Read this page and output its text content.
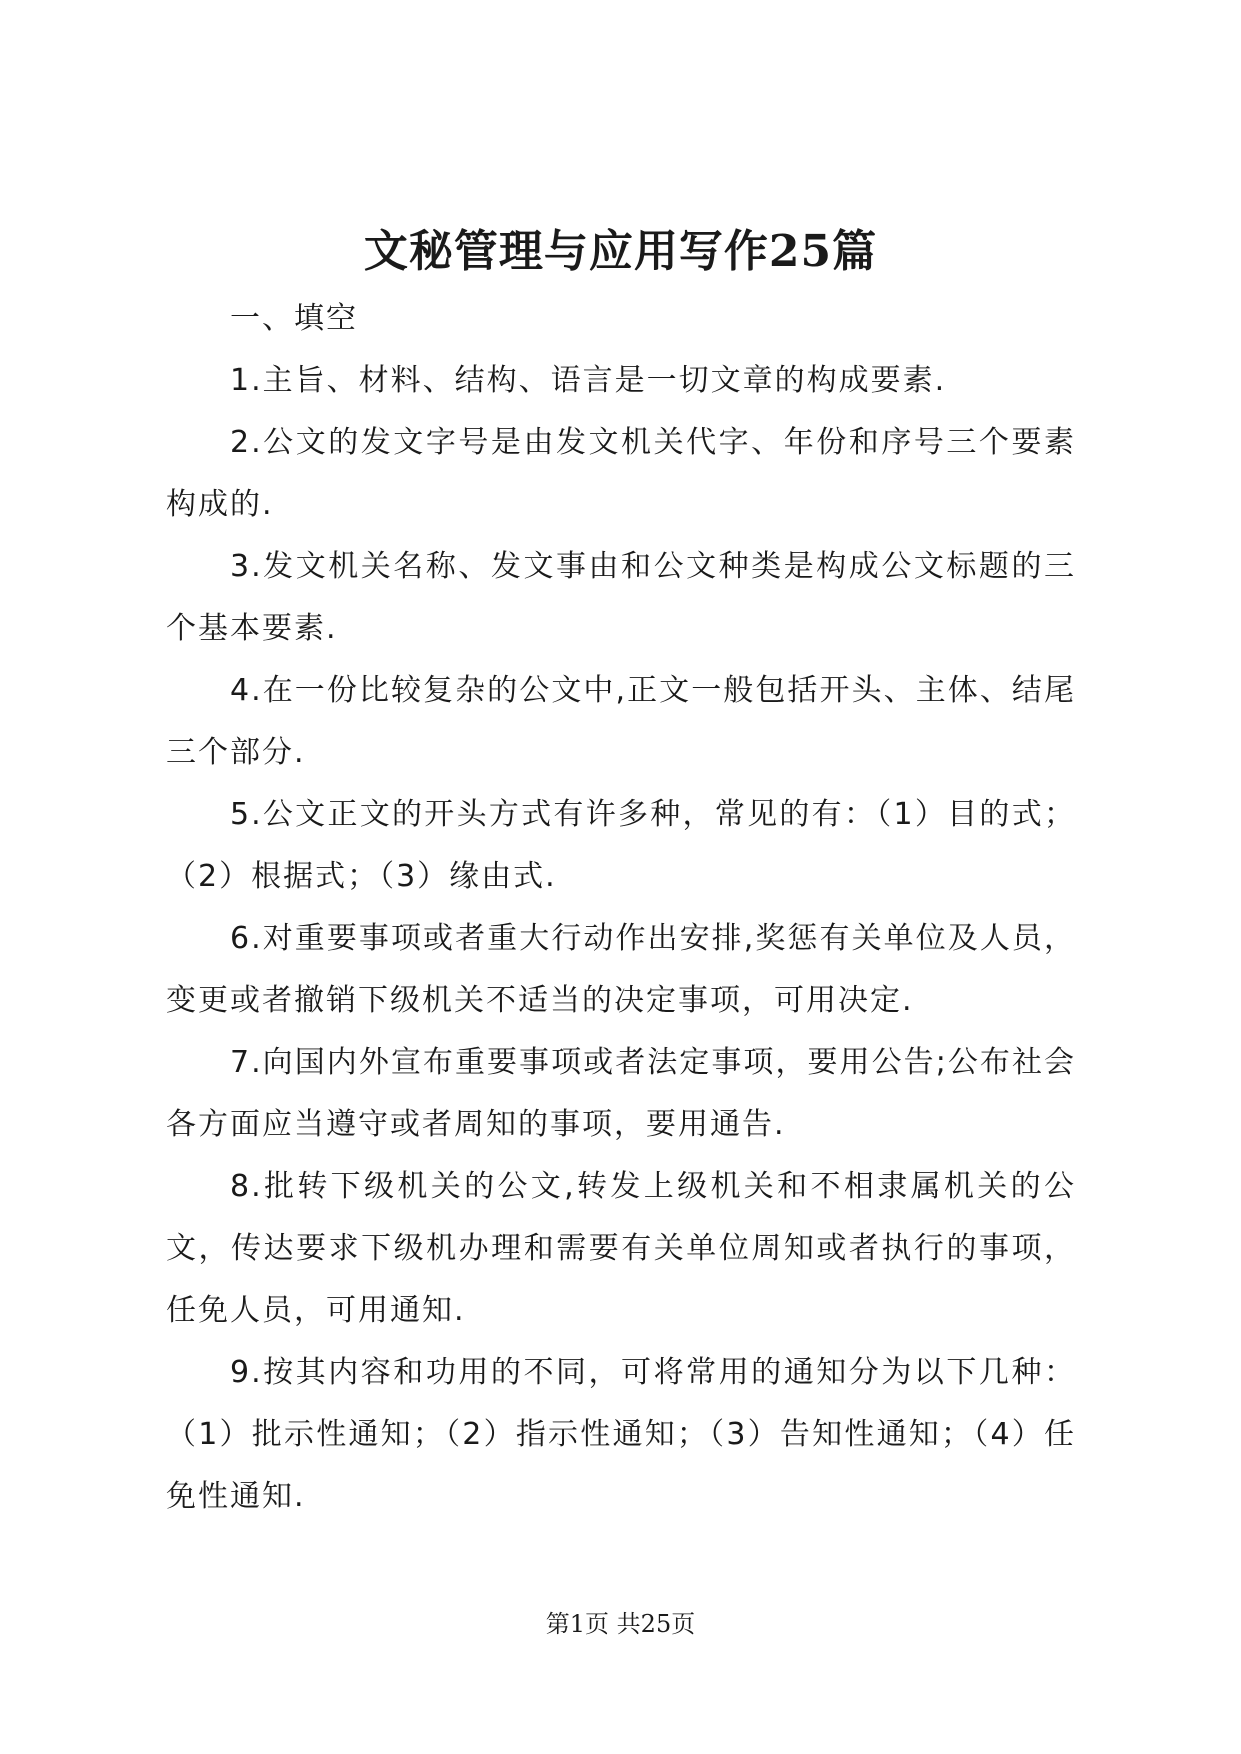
文秘管理与应用写作25篇

一、填空

1.主旨、材料、结构、语言是一切文章的构成要素.

2.公文的发文字号是由发文机关代字、年份和序号三个要素构成的.

3.发文机关名称、发文事由和公文种类是构成公文标题的三个基本要素.

4.在一份比较复杂的公文中,正文一般包括开头、主体、结尾三个部分.

5.公文正文的开头方式有许多种，常见的有：（1）目的式；（2）根据式；（3）缘由式.

6.对重要事项或者重大行动作出安排,奖惩有关单位及人员，变更或者撤销下级机关不适当的决定事项，可用决定.

7.向国内外宣布重要事项或者法定事项，要用公告;公布社会各方面应当遵守或者周知的事项，要用通告.

8.批转下级机关的公文,转发上级机关和不相隶属机关的公文，传达要求下级机办理和需要有关单位周知或者执行的事项，任免人员，可用通知.

9.按其内容和功用的不同，可将常用的通知分为以下几种：（1）批示性通知；（2）指示性通知；（3）告知性通知；（4）任免性通知.

第1页 共25页
